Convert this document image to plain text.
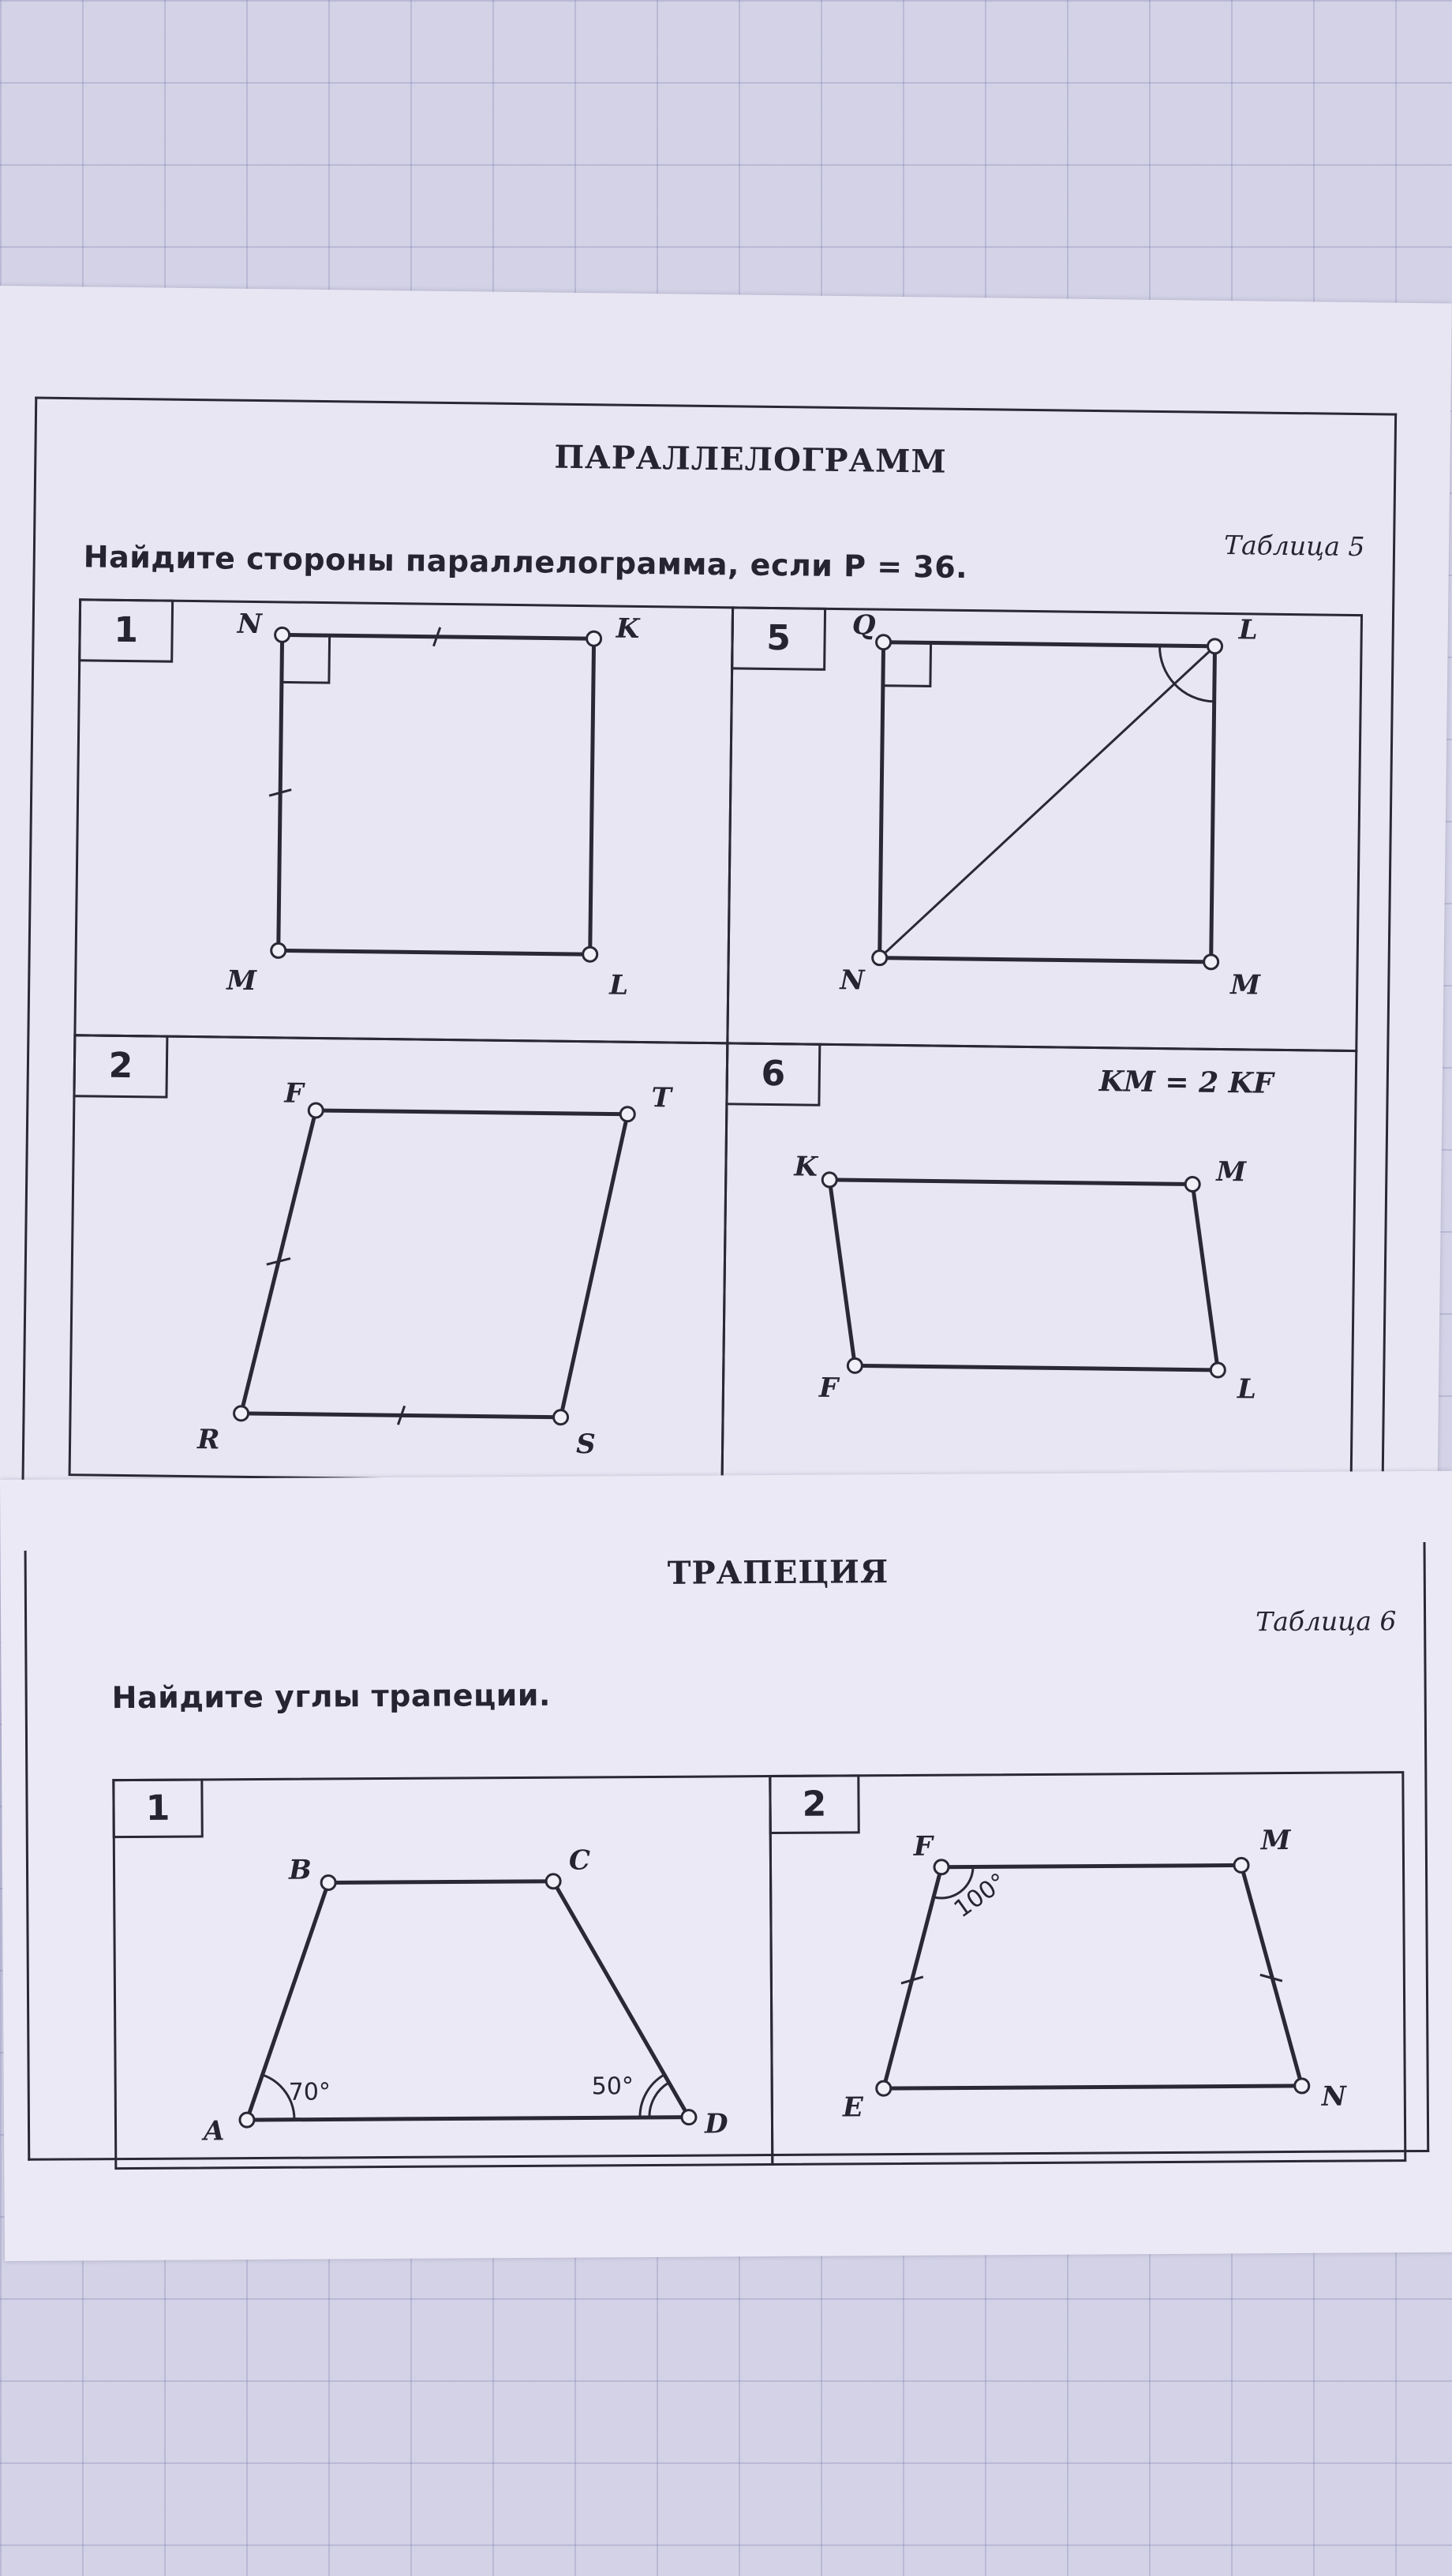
ПАРАЛЛЕЛОГРАММ
Таблица 5
Найдите стороны параллелограмма, если P = 36.
1	N	K
M	L
5	Q	L
M
N
2
F	T
R	S
6	KM = 2 KF
K	M
F	L
ТРАПЕЦИЯ
Таблица 6
Найдите углы трапеции.
1
B	C
A	D
70°	50°
2
F	M
E	N
100°
